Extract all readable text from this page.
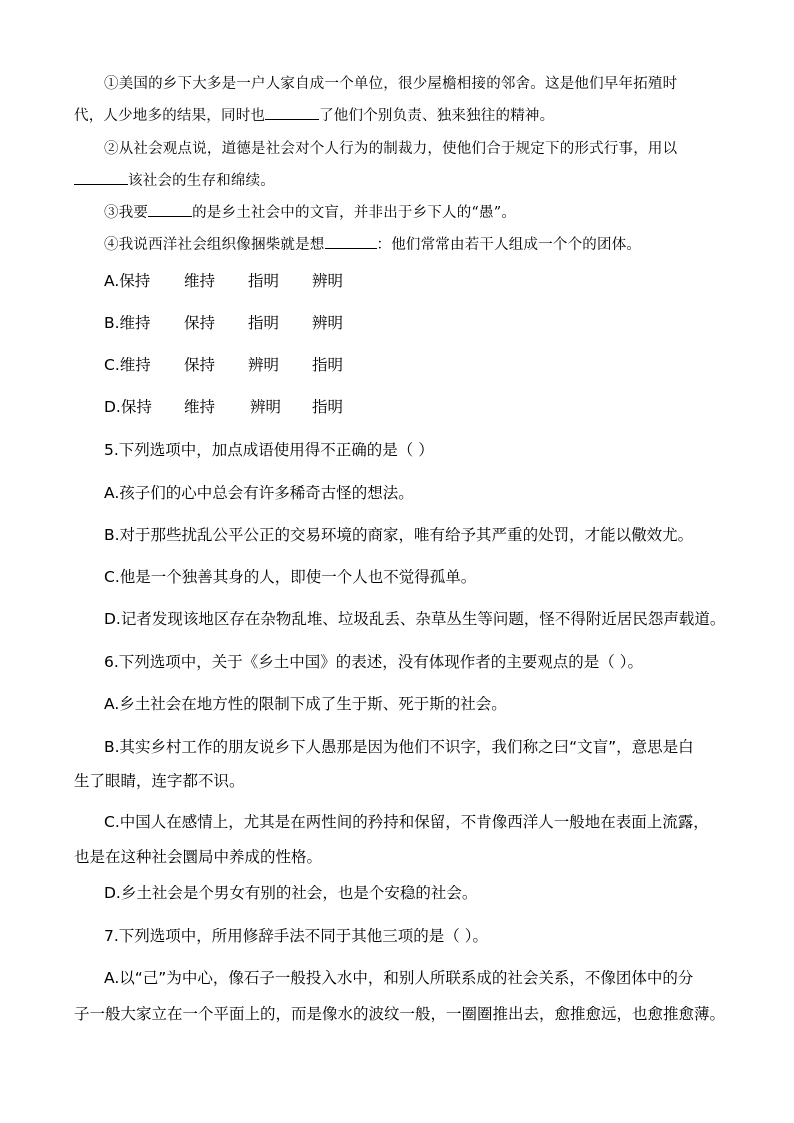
①美国的乡下大多是一户人家自成一个单位，很少屋檐相接的邻舍。这是他们早年拓殖时
代，人少地多的结果，同时也	了他们个别负责、独来独往的精神。
②从社会观点说，道德是社会对个人行为的制裁力，使他们合于规定下的形式行事，用以
该社会的生存和绵续。
③我要	的是乡土社会中的文盲，并非出于乡下人的“愚”。
④我说西洋社会组织像捆柴就是想	：他们常常由若干人组成一个个的团体。
A.保持 维持 指明 辨明
B.维持 保持 指明 辨明
C.维持 保持 辨明 指明
D.保持 维持 辨明 指明
5.下列选项中，加点成语使用得不正确的是（ ）
A.孩子们的心中总会有许多稀奇古怪的想法。
B.对于那些扰乱公平公正的交易环境的商家，唯有给予其严重的处罚，才能以儆效尤。
C.他是一个独善其身的人，即使一个人也不觉得孤单。
D.记者发现该地区存在杂物乱堆、垃圾乱丢、杂草丛生等问题，怪不得附近居民怨声载道。
6.下列选项中，关于《乡土中国》的表述，没有体现作者的主要观点的是（ ）。
A.乡土社会在地方性的限制下成了生于斯、死于斯的社会。
B.其实乡村工作的朋友说乡下人愚那是因为他们不识字，我们称之曰“文盲”，意思是白
生了眼睛，连字都不识。
C.中国人在感情上，尤其是在两性间的矜持和保留，不肯像西洋人一般地在表面上流露，
也是在这种社会圜局中养成的性格。
D.乡土社会是个男女有别的社会，也是个安稳的社会。
7.下列选项中，所用修辞手法不同于其他三项的是（ ）。
A.以“己”为中心，像石子一般投入水中，和别人所联系成的社会关系，不像团体中的分
子一般大家立在一个平面上的，而是像水的波纹一般，一圈圈推出去，愈推愈远，也愈推愈薄。
